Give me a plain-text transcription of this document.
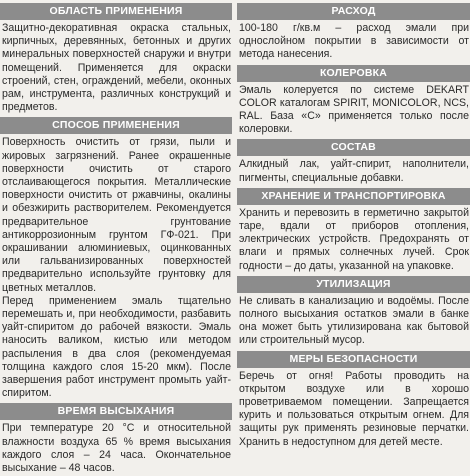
ОБЛАСТЬ ПРИМЕНЕНИЯ
Защитно-декоративная окраска стальных, кирпичных, деревянных, бетонных и других минеральных поверхностей снаружи и внутри помещений. Применяется для окраски строений, стен, ограждений, мебели, оконных рам, инструмента, различных конструкций и предметов.
СПОСОБ ПРИМЕНЕНИЯ
Поверхность очистить от грязи, пыли и жировых загрязнений. Ранее окрашенные поверхности очистить от старого отслаивающегося покрытия. Металлические поверхности очистить от ржавчины, окалины и обезжирить растворителем. Рекомендуется предварительное грунтование антикоррозионным грунтом ГФ-021. При окрашивании алюминиевых, оцинкованных или гальванизированных поверхностей предварительно используйте грунтовку для цветных металлов.
Перед применением эмаль тщательно перемешать и, при необходимости, разбавить уайт-спиритом до рабочей вязкости. Эмаль наносить валиком, кистью или методом распыления в два слоя (рекомендуемая толщина каждого слоя 15-20 мкм). После завершения работ инструмент промыть уайт-спиритом.
ВРЕМЯ ВЫСЫХАНИЯ
При температуре 20 °С и относительной влажности воздуха 65 % время высыхания каждого слоя – 24 часа. Окончательное высыхание – 48 часов.
РАСХОД
100-180 г/кв.м – расход эмали при однослойном покрытии в зависимости от метода нанесения.
КОЛЕРОВКА
Эмаль колеруется по системе DEKART COLOR каталогам SPIRIT, MONICOLOR, NCS, RAL. База «С» применяется только после колеровки.
СОСТАВ
Алкидный лак, уайт-спирит, наполнители, пигменты, специальные добавки.
ХРАНЕНИЕ И ТРАНСПОРТИРОВКА
Хранить и перевозить в герметично закрытой таре, вдали от приборов отопления, электрических устройств. Предохранять от влаги и прямых солнечных лучей. Срок годности – до даты, указанной на упаковке.
УТИЛИЗАЦИЯ
Не сливать в канализацию и водоёмы. После полного высыхания остатков эмали в банке она может быть утилизирована как бытовой или строительный мусор.
МЕРЫ БЕЗОПАСНОСТИ
Беречь от огня! Работы проводить на открытом воздухе или в хорошо проветриваемом помещении. Запрещается курить и пользоваться открытым огнем. Для защиты рук применять резиновые перчатки. Хранить в недоступном для детей месте.
